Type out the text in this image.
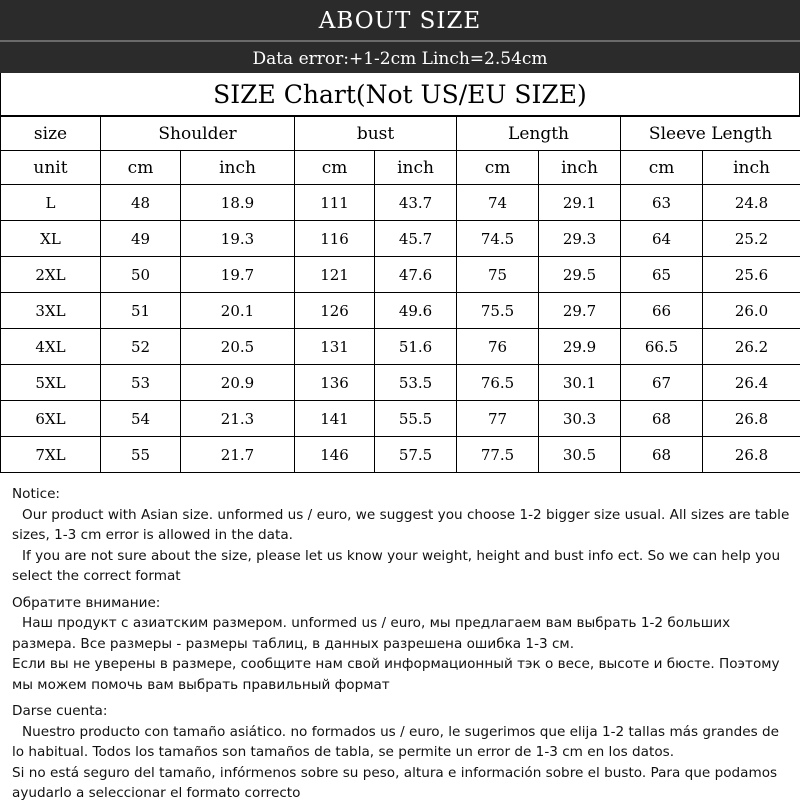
ABOUT SIZE
Data error:+1-2cm Linch=2.54cm
SIZE Chart(Not US/EU SIZE)
size	Shoulder		bust		Length		Sleeve Length	
unit	cm	inch	cm	inch	cm	inch	cm	inch
L	48	18.9	111	43.7	74	29.1	63	24.8
XL	49	19.3	116	45.7	74.5	29.3	64	25.2
2XL	50	19.7	121	47.6	75	29.5	65	25.6
3XL	51	20.1	126	49.6	75.5	29.7	66	26.0
4XL	52	20.5	131	51.6	76	29.9	66.5	26.2
5XL	53	20.9	136	53.5	76.5	30.1	67	26.4
6XL	54	21.3	141	55.5	77	30.3	68	26.8
7XL	55	21.7	146	57.5	77.5	30.5	68	26.8

Notice:

Our product with Asian size. unformed us / euro, we suggest you choose 1-2 bigger size usual. All sizes are table sizes, 1-3 cm error is allowed in the data.

If you are not sure about the size, please let us know your weight, height and bust info ect. So we can help you select the correct format

Обратите внимание:

Наш продукт с азиатским размером. unformed us / euro, мы предлагаем вам выбрать 1-2 больших размера. Все размеры - размеры таблиц, в данных разрешена ошибка 1-3 см.

Если вы не уверены в размере, сообщите нам свой информационный тэк о весе, высоте и бюсте. Поэтому мы можем помочь вам выбрать правильный формат

Darse cuenta:

Nuestro producto con tamaño asiático. no formados us / euro, le sugerimos que elija 1-2 tallas más grandes de lo habitual. Todos los tamaños son tamaños de tabla, se permite un error de 1-3 cm en los datos.

Si no está seguro del tamaño, infórmenos sobre su peso, altura e información sobre el busto. Para que podamos ayudarlo a seleccionar el formato correcto
